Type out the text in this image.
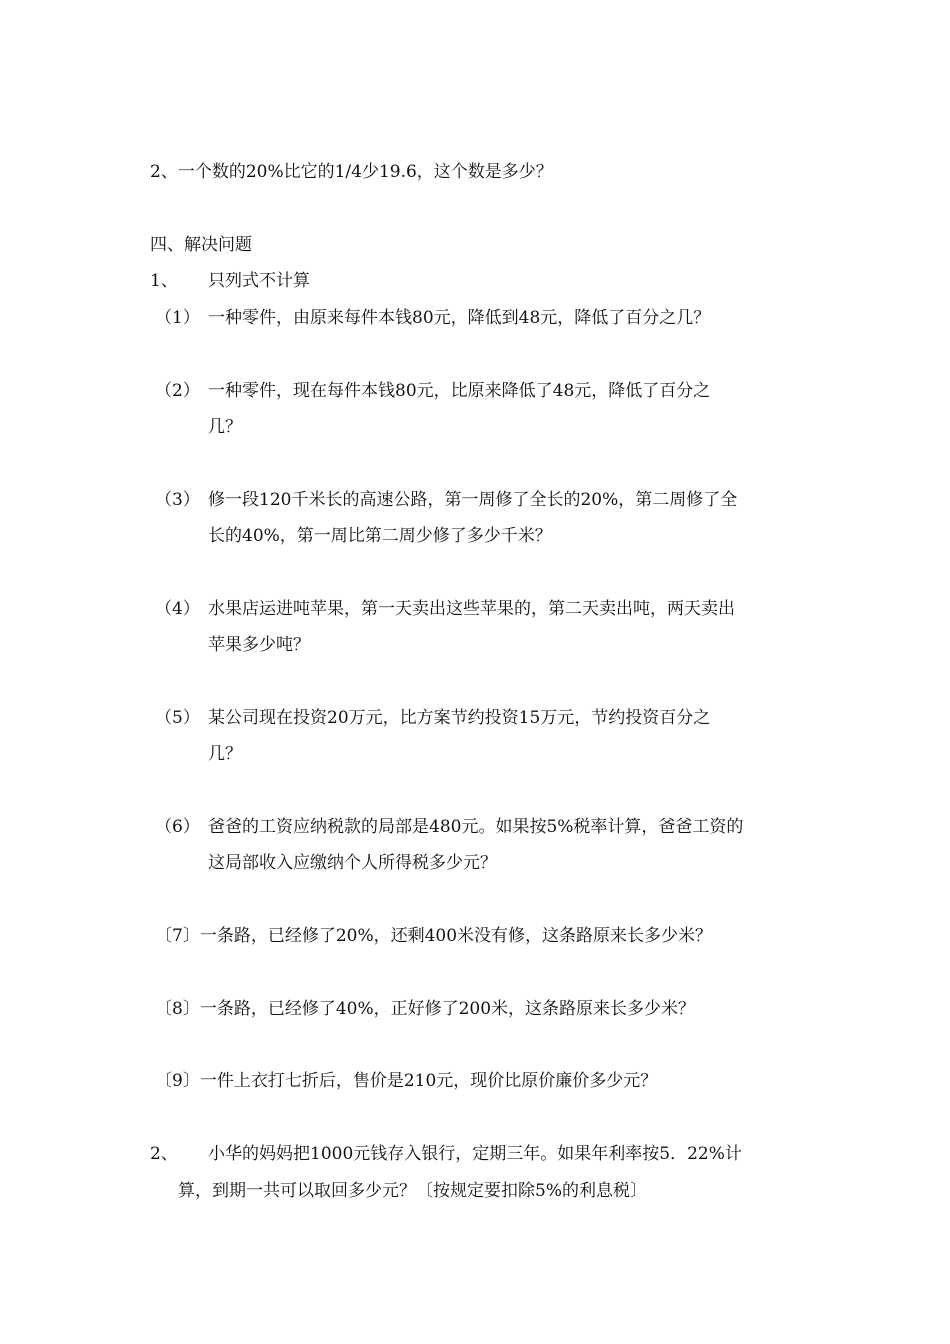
2、一个数的20%比它的1/4少19.6，这个数是多少？
四、解决问题
1、 只列式不计算
（1） 一种零件，由原来每件本钱80元，降低到48元，降低了百分之几？
（2） 一种零件，现在每件本钱80元，比原来降低了48元，降低了百分之
几？
（3） 修一段120千米长的高速公路，第一周修了全长的20%，第二周修了全
长的40%，第一周比第二周少修了多少千米？
（4） 水果店运进吨苹果，第一天卖出这些苹果的，第二天卖出吨，两天卖出
苹果多少吨？
（5） 某公司现在投资20万元，比方案节约投资15万元，节约投资百分之
几？
（6） 爸爸的工资应纳税款的局部是480元。如果按5%税率计算，爸爸工资的
这局部收入应缴纳个人所得税多少元？
〔7〕一条路，已经修了20%，还剩400米没有修，这条路原来长多少米？
〔8〕一条路，已经修了40%，正好修了200米，这条路原来长多少米？
〔9〕一件上衣打七折后，售价是210元，现价比原价廉价多少元？
2、 小华的妈妈把1000元钱存入银行，定期三年。如果年利率按5．22%计
算，到期一共可以取回多少元？〔按规定要扣除5%的利息税〕
